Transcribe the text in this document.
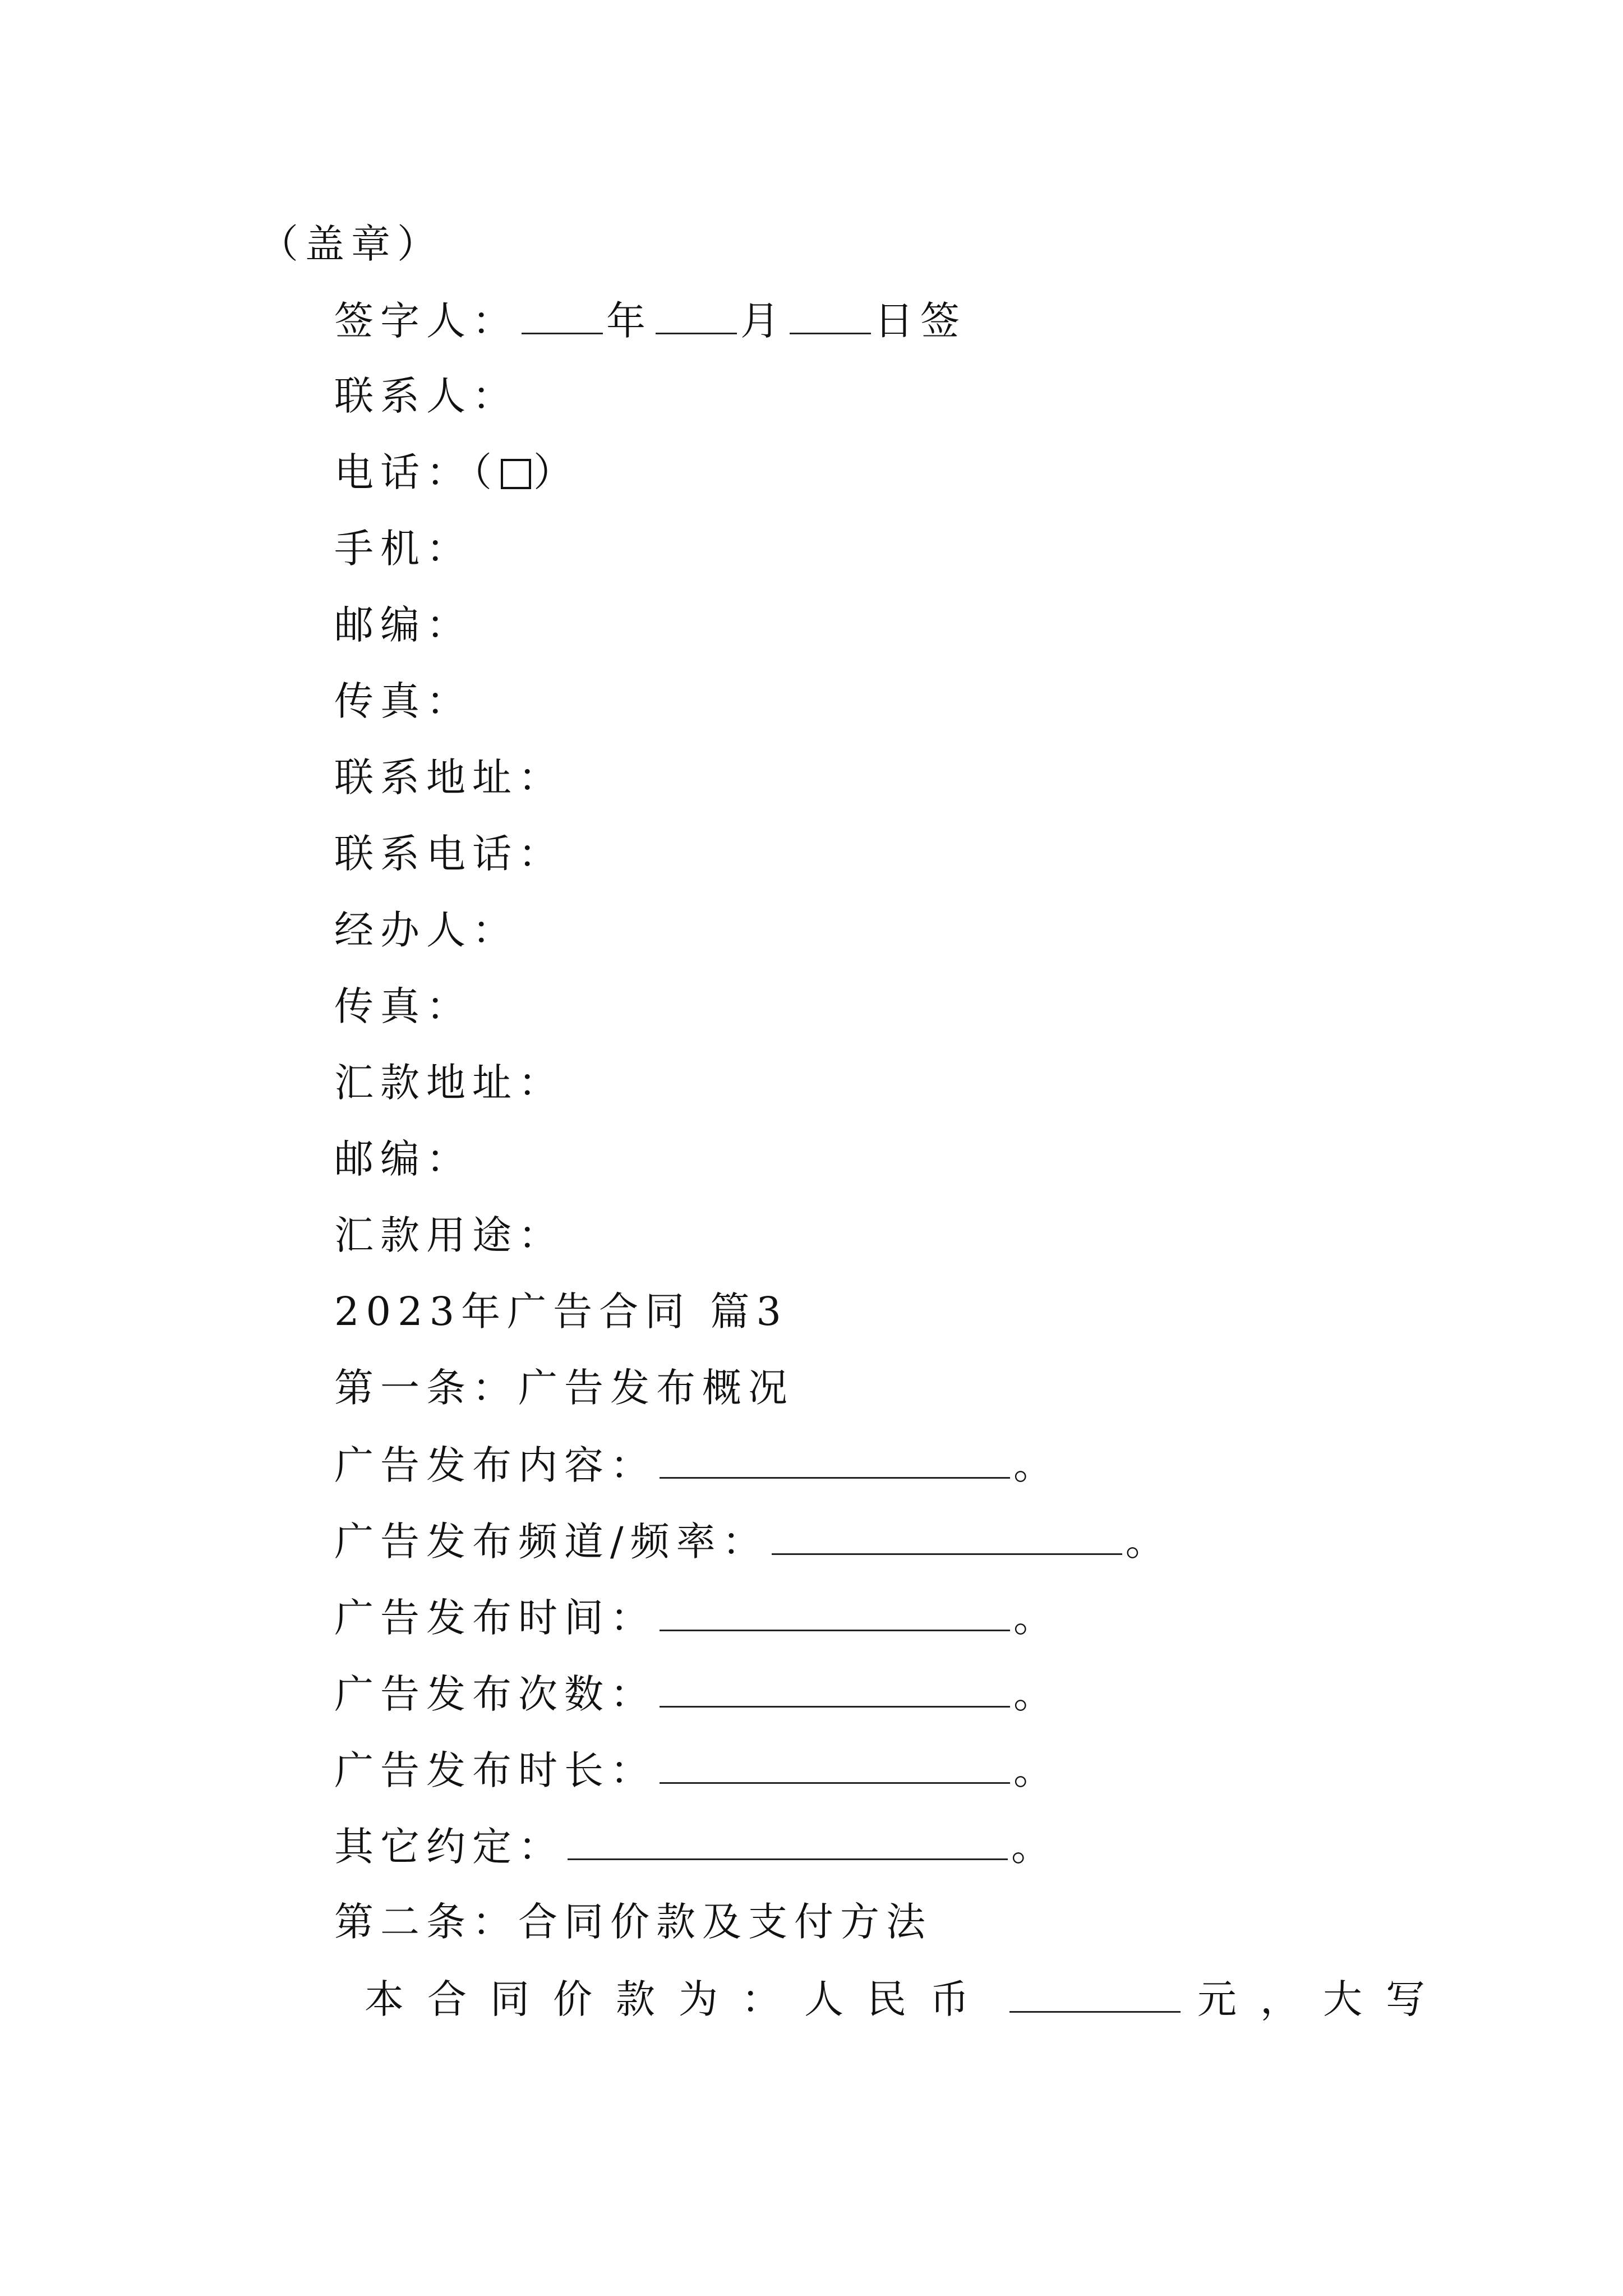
（盖章）
签字人： 年 月 日签
联系人：
电话：（ ）
手机：
邮编：
传真：
联系地址：
联系电话：
经办人：
传真：
汇款地址：
邮编：
汇款用途：
2023年广告合同 篇3
第一条：广告发布概况
广告发布内容：	。
广告发布频道/频率：	。
广告发布时间：	。
广告发布次数：	。
广告发布时长：	。
其它约定：	。
第二条：合同价款及支付方法
本合同价款为：人民币	元，大写
